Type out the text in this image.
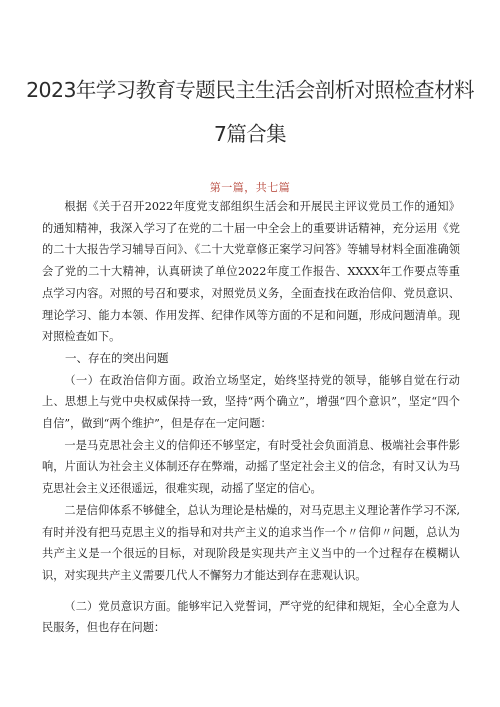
2023年学习教育专题民主生活会剖析对照检查材料
7篇合集
第一篇，共七篇

根据《关于召开2022年度党支部组织生活会和开展民主评议党员工作的通知》的通知精神，我深入学习了在党的二十届一中全会上的重要讲话精神，充分运用《党的二十大报告学习辅导百问》、《二十大党章修正案学习问答》等辅导材料全面准确领会了党的二十大精神，认真研读了单位2022年度工作报告、XXXX年工作要点等重点学习内容。对照的号召和要求，对照党员义务，全面查找在政治信仰、党员意识、理论学习、能力本领、作用发挥、纪律作风等方面的不足和问题，形成问题清单。现对照检查如下。

一、存在的突出问题

（一）在政治信仰方面。政治立场坚定，始终坚持党的领导，能够自觉在行动上、思想上与党中央权威保持一致，坚持“两个确立”，增强“四个意识”，坚定“四个自信”，做到“两个维护”，但是存在一定问题：

一是马克思社会主义的信仰还不够坚定，有时受社会负面消息、极端社会事件影响，片面认为社会主义体制还存在弊端，动摇了坚定社会主义的信念，有时又认为马克思社会主义还很遥远，很难实现，动摇了坚定的信心。

二是信仰体系不够健全，总认为理论是枯燥的，对马克思主义理论著作学习不深,有时并没有把马克思主义的指导和对共产主义的追求当作一个〃信仰〃问题，总认为共产主义是一个很远的目标，对现阶段是实现共产主义当中的一个过程存在模糊认识，对实现共产主义需要几代人不懈努力才能达到存在悲观认识。

（二）党员意识方面。能够牢记入党誓词，严守党的纪律和规矩，全心全意为人民服务，但也存在问题：
